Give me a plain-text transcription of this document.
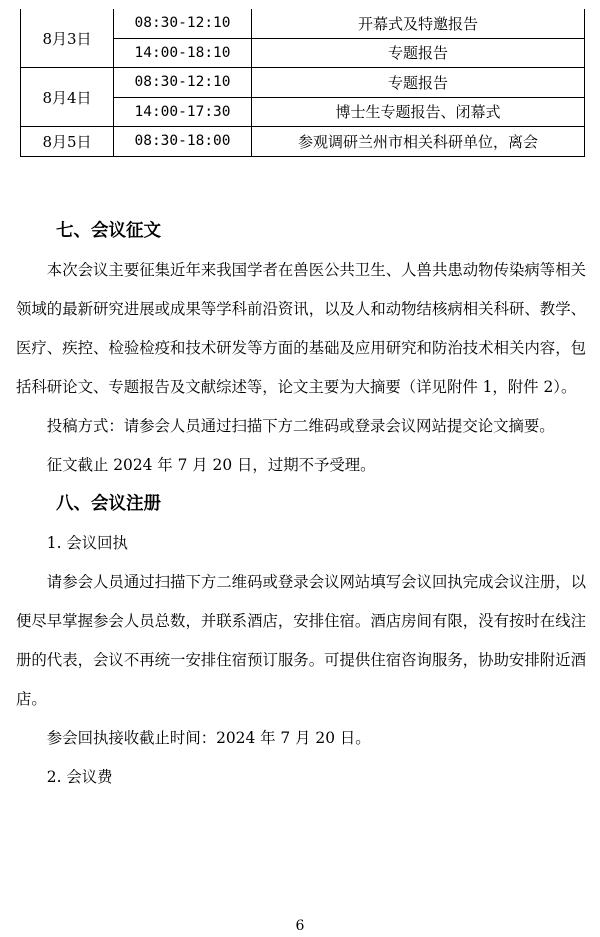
8月3日	08:30-12:10	开幕式及特邀报告
	14:00-18:10	专题报告
8月4日	08:30-12:10	专题报告
	14:00-17:30	博士生专题报告、闭幕式
8月5日	08:30-18:00	参观调研兰州市相关科研单位，离会
七、会议征文

本次会议主要征集近年来我国学者在兽医公共卫生、人兽共患动物传染病等相关领域的最新研究进展或成果等学科前沿资讯，以及人和动物结核病相关科研、教学、医疗、疾控、检验检疫和技术研发等方面的基础及应用研究和防治技术相关内容，包括科研论文、专题报告及文献综述等，论文主要为大摘要（详见附件 1，附件 2）。

投稿方式：请参会人员通过扫描下方二维码或登录会议网站提交论文摘要。

征文截止 2024 年 7 月 20 日，过期不予受理。

八、会议注册

1. 会议回执

请参会人员通过扫描下方二维码或登录会议网站填写会议回执完成会议注册，以便尽早掌握参会人员总数，并联系酒店，安排住宿。酒店房间有限，没有按时在线注册的代表，会议不再统一安排住宿预订服务。可提供住宿咨询服务，协助安排附近酒店。

参会回执接收截止时间：2024 年 7 月 20 日。

2. 会议费

6
